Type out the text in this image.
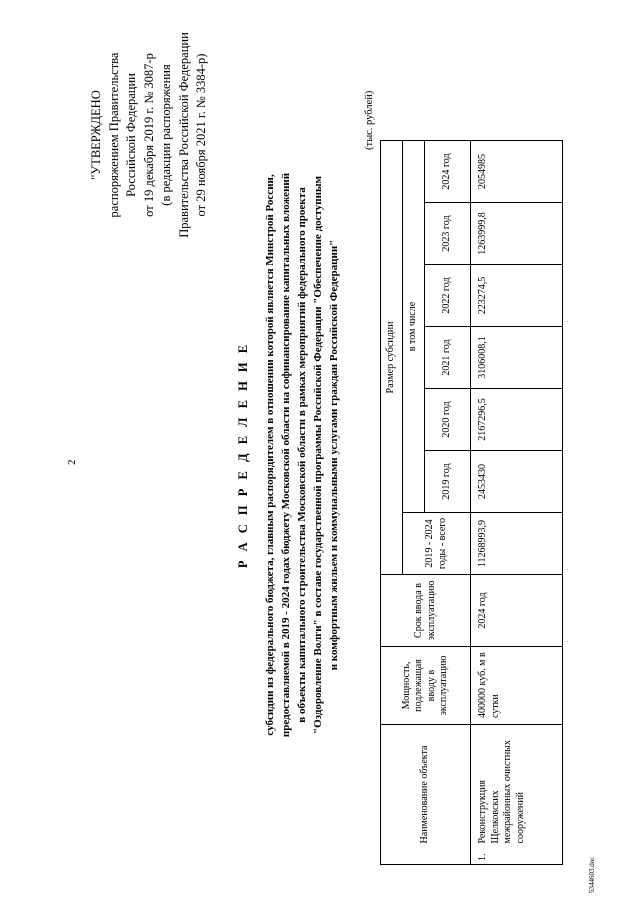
2
"УТВЕРЖДЕНО распоряжением Правительства Российской Федерации от 19 декабря 2019 г. № 3087-р (в редакции распоряжения Правительства Российской Федерации от 29 ноября 2021 г. № 3384-р)
Р А С П Р Е Д Е Л Е Н И Е субсидии из федерального бюджета, главным распорядителем в отношении которой является Минстрой России, предоставляемой в 2019 - 2024 годах бюджету Московской области на софинансирование капитальных вложений в объекты капитального строительства Московской области в рамках мероприятий федерального проекта "Оздоровление Волги" в составе государственной программы Российской Федерации "Обеспечение доступным и комфортным жильем и коммунальными услугами граждан Российской Федерации"
(тыс. рублей)
Наименование объекта	Мощность, подлежащая вводу в эксплуатацию	Срок ввода в эксплуатацию	Размер субсидии						
			2019 - 2024 годы - всего	в том числе					
				2019 год	2020 год	2021 год	2022 год	2023 год	2024 год

1.
Реконструкция Щелковских межрайонных очистных сооружений	400000 куб. м в сутки	2024 год	11268993,9	2453430	2167296,5	3106008,1	223274,5	1263999,8	2054985
5344603.doc
